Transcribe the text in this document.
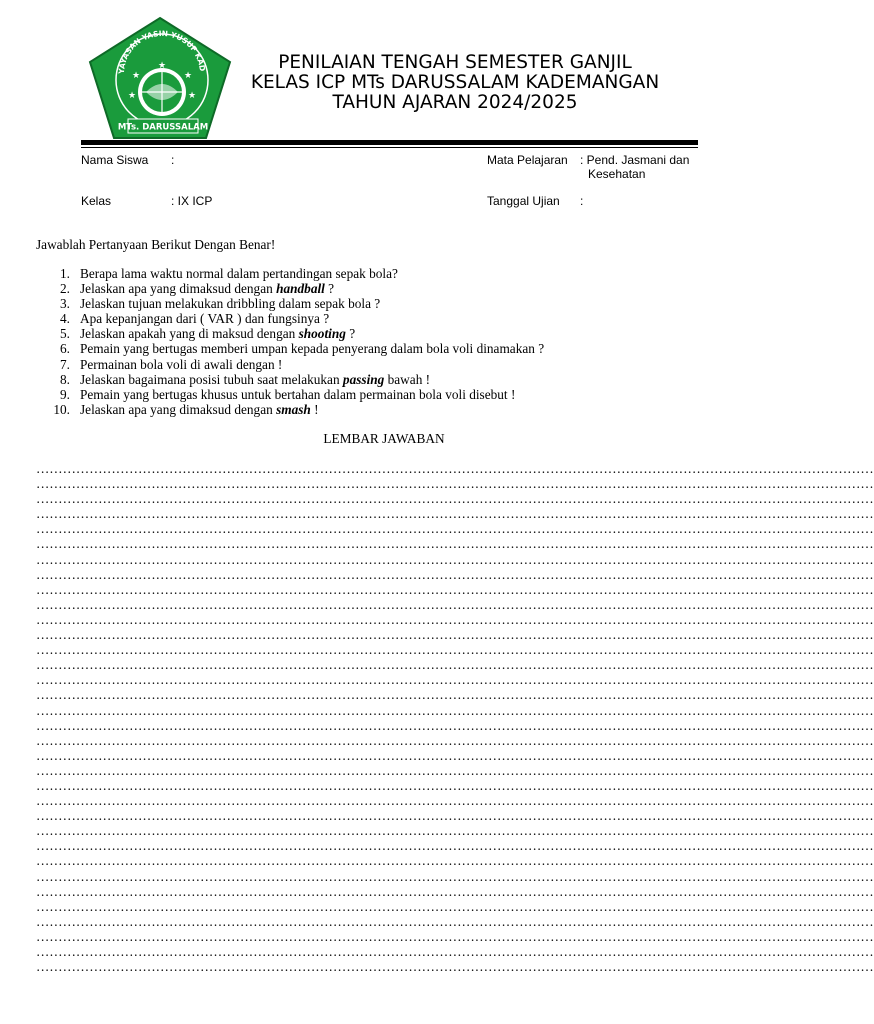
YAYASAN YASIN YUSUF KAD
★	★
★	★
★
MTs. DARUSSALAM
PENILAIAN TENGAH SEMESTER GANJIL
KELAS ICP MTs DARUSSALAM KADEMANGAN
TAHUN AJARAN 2024/2025
Nama Siswa :
Kelas	: IX ICP
Mata Pelajaran : Pend. Jasmani dan
Kesehatan
Tanggal Ujian :
Jawablah Pertanyaan Berikut Dengan Benar!
1. Berapa lama waktu normal dalam pertandingan sepak bola?
2. Jelaskan apa yang dimaksud dengan handball ?
3. Jelaskan tujuan melakukan dribbling dalam sepak bola ?
4. Apa kepanjangan dari ( VAR ) dan fungsinya ?
5. Jelaskan apakah yang di maksud dengan shooting ?
6. Pemain yang bertugas memberi umpan kepada penyerang dalam bola voli dinamakan ?
7. Permainan bola voli di awali dengan !
8. Jelaskan bagaimana posisi tubuh saat melakukan passing bawah !
9. Pemain yang bertugas khusus untuk bertahan dalam permainan bola voli disebut !
10. Jelaskan apa yang dimaksud dengan smash !
LEMBAR JAWABAN
………………………………………………………………………………………………………………………………………………………………………
………………………………………………………………………………………………………………………………………………………………………
………………………………………………………………………………………………………………………………………………………………………
………………………………………………………………………………………………………………………………………………………………………
………………………………………………………………………………………………………………………………………………………………………
………………………………………………………………………………………………………………………………………………………………………
………………………………………………………………………………………………………………………………………………………………………
………………………………………………………………………………………………………………………………………………………………………
………………………………………………………………………………………………………………………………………………………………………
………………………………………………………………………………………………………………………………………………………………………
………………………………………………………………………………………………………………………………………………………………………
………………………………………………………………………………………………………………………………………………………………………
………………………………………………………………………………………………………………………………………………………………………
………………………………………………………………………………………………………………………………………………………………………
………………………………………………………………………………………………………………………………………………………………………
………………………………………………………………………………………………………………………………………………………………………
………………………………………………………………………………………………………………………………………………………………………
………………………………………………………………………………………………………………………………………………………………………
………………………………………………………………………………………………………………………………………………………………………
………………………………………………………………………………………………………………………………………………………………………
………………………………………………………………………………………………………………………………………………………………………
………………………………………………………………………………………………………………………………………………………………………
………………………………………………………………………………………………………………………………………………………………………
………………………………………………………………………………………………………………………………………………………………………
………………………………………………………………………………………………………………………………………………………………………
………………………………………………………………………………………………………………………………………………………………………
………………………………………………………………………………………………………………………………………………………………………
………………………………………………………………………………………………………………………………………………………………………
………………………………………………………………………………………………………………………………………………………………………
………………………………………………………………………………………………………………………………………………………………………
………………………………………………………………………………………………………………………………………………………………………
………………………………………………………………………………………………………………………………………………………………………
………………………………………………………………………………………………………………………………………………………………………
………………………………………………………………………………………………………………………………………………………………………
